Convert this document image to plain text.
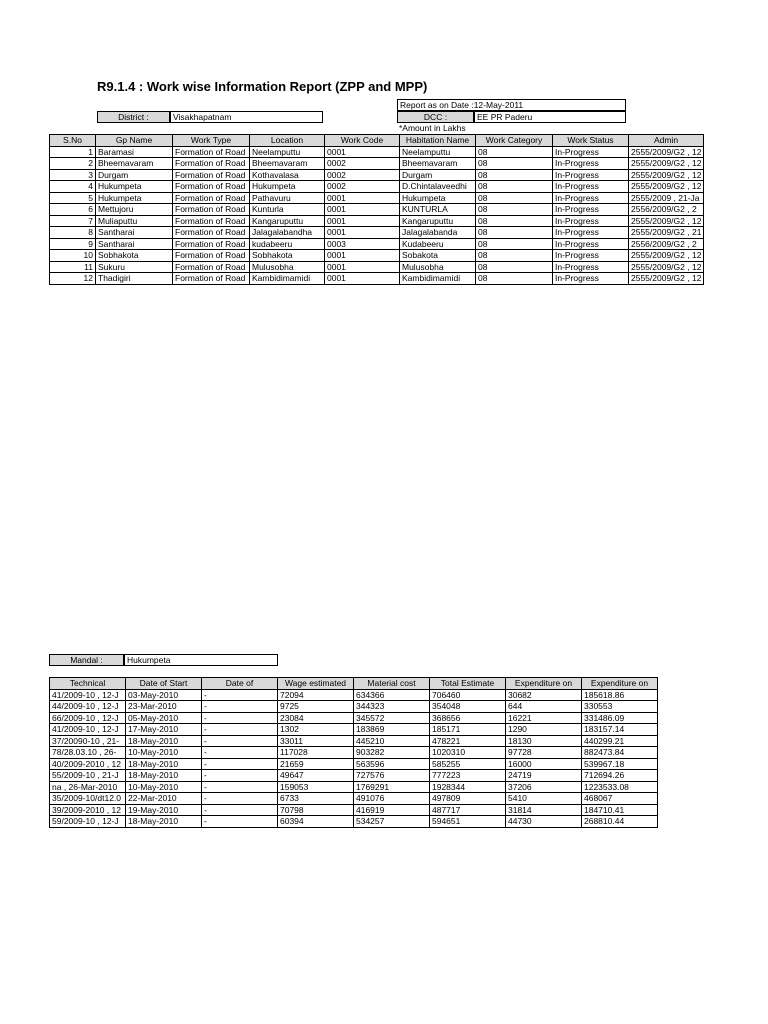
R9.1.4 : Work wise Information Report (ZPP and MPP)
District :	Visakhapatnam
Report as on Date :12-May-2011
DCC :	EE PR Paderu
*Amount in Lakhs
S.No	Gp Name	Work Type	Location	Work Code	Habitation Name	Work Category	Work Status	Admin
1	Baramasi	Formation of Road	Neelamputtu	0001	Neelamputtu	08	In-Progress	2555/2009/G2 , 12
2	Bheemavaram	Formation of Road	Bheemavaram	0002	Bheemavaram	08	In-Progress	2555/2009/G2 , 12
3	Durgam	Formation of Road	Kothavalasa	0002	Durgam	08	In-Progress	2555/2009/G2 , 12
4	Hukumpeta	Formation of Road	Hukumpeta	0002	D.Chintalaveedhi	08	In-Progress	2555/2009/G2 , 12
5	Hukumpeta	Formation of Road	Pathavuru	0001	Hukumpeta	08	In-Progress	2555/2009 , 21-Ja
6	Mettujoru	Formation of Road	Kunturla	0001	KUNTURLA	08	In-Progress	2556/2009/G2 , 2
7	Muliaputtu	Formation of Road	Kangaruputtu	0001	Kangaruputtu	08	In-Progress	2555/2009/G2 , 12
8	Santharai	Formation of Road	Jalagalabandha	0001	Jalagalabanda	08	In-Progress	2555/2009/G2 , 21
9	Santharai	Formation of Road	kudabeeru	0003	Kudabeeru	08	In-Progress	2556/2009/G2 , 2
10	Sobhakota	Formation of Road	Sobhakota	0001	Sobakota	08	In-Progress	2555/2009/G2 , 12
11	Sukuru	Formation of Road	Mulusobha	0001	Mulusobha	08	In-Progress	2555/2009/G2 , 12
12	Thadigiri	Formation of Road	Kambidimamidi	0001	Kambidimamidi	08	In-Progress	2555/2009/G2 , 12
Mandal :	Hukumpeta
Technical	Date of Start	Date of	Wage estimated	Material cost	Total Estimate	Expenditure on	Expenditure on
41/2009-10 , 12-J	03-May-2010	-	72094	634366	706460	30682	185618.86
44/2009-10 , 12-J	23-Mar-2010	-	9725	344323	354048	644	330553
66/2009-10 , 12-J	05-May-2010	-	23084	345572	368656	16221	331486.09
41/2009-10 , 12-J	17-May-2010	-	1302	183869	185171	1290	183157.14
37/20090-10 , 21-	18-May-2010	-	33011	445210	478221	18130	440299.21
78/28.03.10 , 26-	10-May-2010	-	117028	903282	1020310	97728	882473.84
40/2009-2010 , 12	18-May-2010	-	21659	563596	585255	16000	539967.18
55/2009-10 , 21-J	18-May-2010	-	49647	727576	777223	24719	712694.26
na , 26-Mar-2010	10-May-2010	-	159053	1769291	1928344	37206	1223533.08
35/2009-10/dt12.0	22-Mar-2010	-	6733	491076	497809	5410	468067
39/2009-2010 , 12	19-May-2010	-	70798	416919	487717	31814	184710.41
59/2009-10 , 12-J	18-May-2010	-	60394	534257	594651	44730	268810.44
